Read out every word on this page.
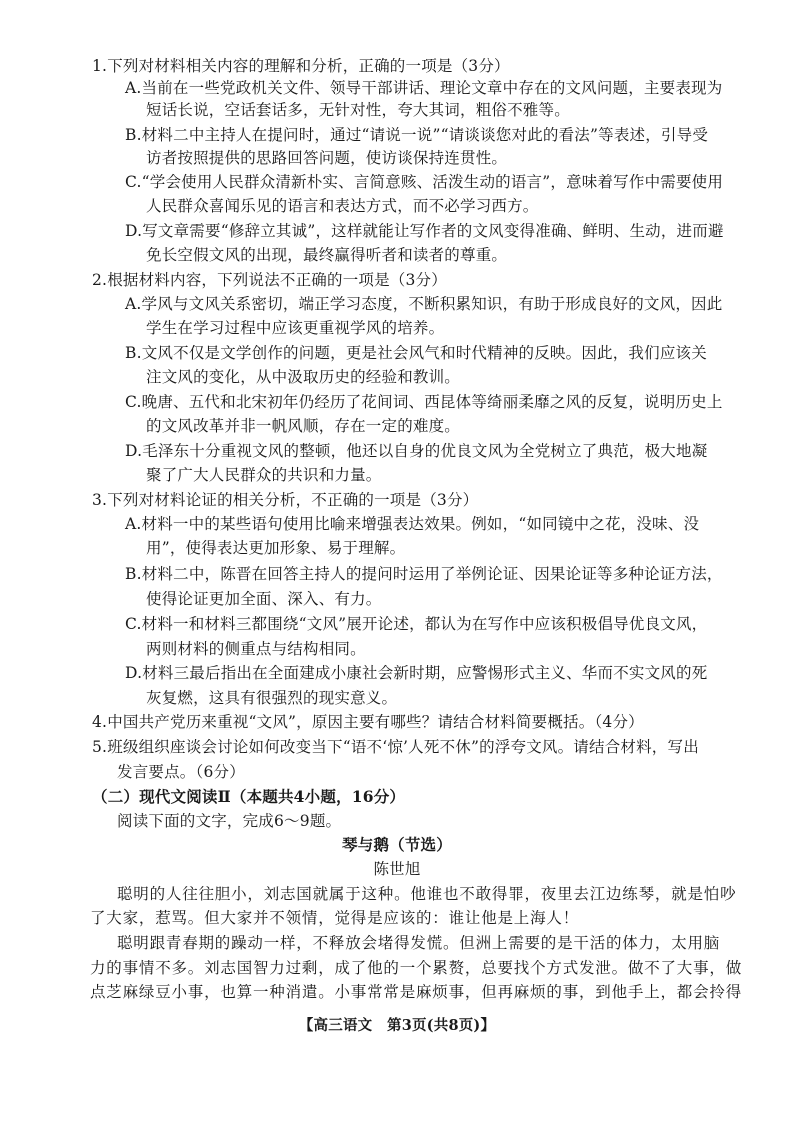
1.下列对材料相关内容的理解和分析，正确的一项是（3分）
A.当前在一些党政机关文件、领导干部讲话、理论文章中存在的文风问题，主要表现为
短话长说，空话套话多，无针对性，夸大其词，粗俗不雅等。
B.材料二中主持人在提问时，通过“请说一说”“请谈谈您对此的看法”等表述，引导受
访者按照提供的思路回答问题，使访谈保持连贯性。
C.“学会使用人民群众清新朴实、言简意赅、活泼生动的语言”，意味着写作中需要使用
人民群众喜闻乐见的语言和表达方式，而不必学习西方。
D.写文章需要“修辞立其诚”，这样就能让写作者的文风变得准确、鲜明、生动，进而避
免长空假文风的出现，最终赢得听者和读者的尊重。
2.根据材料内容，下列说法不正确的一项是（3分）
A.学风与文风关系密切，端正学习态度，不断积累知识，有助于形成良好的文风，因此
学生在学习过程中应该更重视学风的培养。
B.文风不仅是文学创作的问题，更是社会风气和时代精神的反映。因此，我们应该关
注文风的变化，从中汲取历史的经验和教训。
C.晚唐、五代和北宋初年仍经历了花间词、西昆体等绮丽柔靡之风的反复，说明历史上
的文风改革并非一帆风顺，存在一定的难度。
D.毛泽东十分重视文风的整顿，他还以自身的优良文风为全党树立了典范，极大地凝
聚了广大人民群众的共识和力量。
3.下列对材料论证的相关分析，不正确的一项是（3分）
A.材料一中的某些语句使用比喻来增强表达效果。例如，“如同镜中之花，没味、没
用”，使得表达更加形象、易于理解。
B.材料二中，陈晋在回答主持人的提问时运用了举例论证、因果论证等多种论证方法，
使得论证更加全面、深入、有力。
C.材料一和材料三都围绕“文风”展开论述，都认为在写作中应该积极倡导优良文风，
两则材料的侧重点与结构相同。
D.材料三最后指出在全面建成小康社会新时期，应警惕形式主义、华而不实文风的死
灰复燃，这具有很强烈的现实意义。
4.中国共产党历来重视“文风”，原因主要有哪些？请结合材料简要概括。（4分）
5.班级组织座谈会讨论如何改变当下“语不‘惊’人死不休”的浮夸文风。请结合材料，写出
发言要点。（6分）
（二）现代文阅读Ⅱ（本题共4小题，16分）
阅读下面的文字，完成6～9题。
琴与鹅（节选）
陈世旭
聪明的人往往胆小，刘志国就属于这种。他谁也不敢得罪，夜里去江边练琴，就是怕吵
了大家，惹骂。但大家并不领情，觉得是应该的：谁让他是上海人！
聪明跟青春期的躁动一样，不释放会堵得发慌。但洲上需要的是干活的体力，太用脑
力的事情不多。刘志国智力过剩，成了他的一个累赘，总要找个方式发泄。做不了大事，做
点芝麻绿豆小事，也算一种消遣。小事常常是麻烦事，但再麻烦的事，到他手上，都会拎得
【高三语文　第3页(共8页)】
